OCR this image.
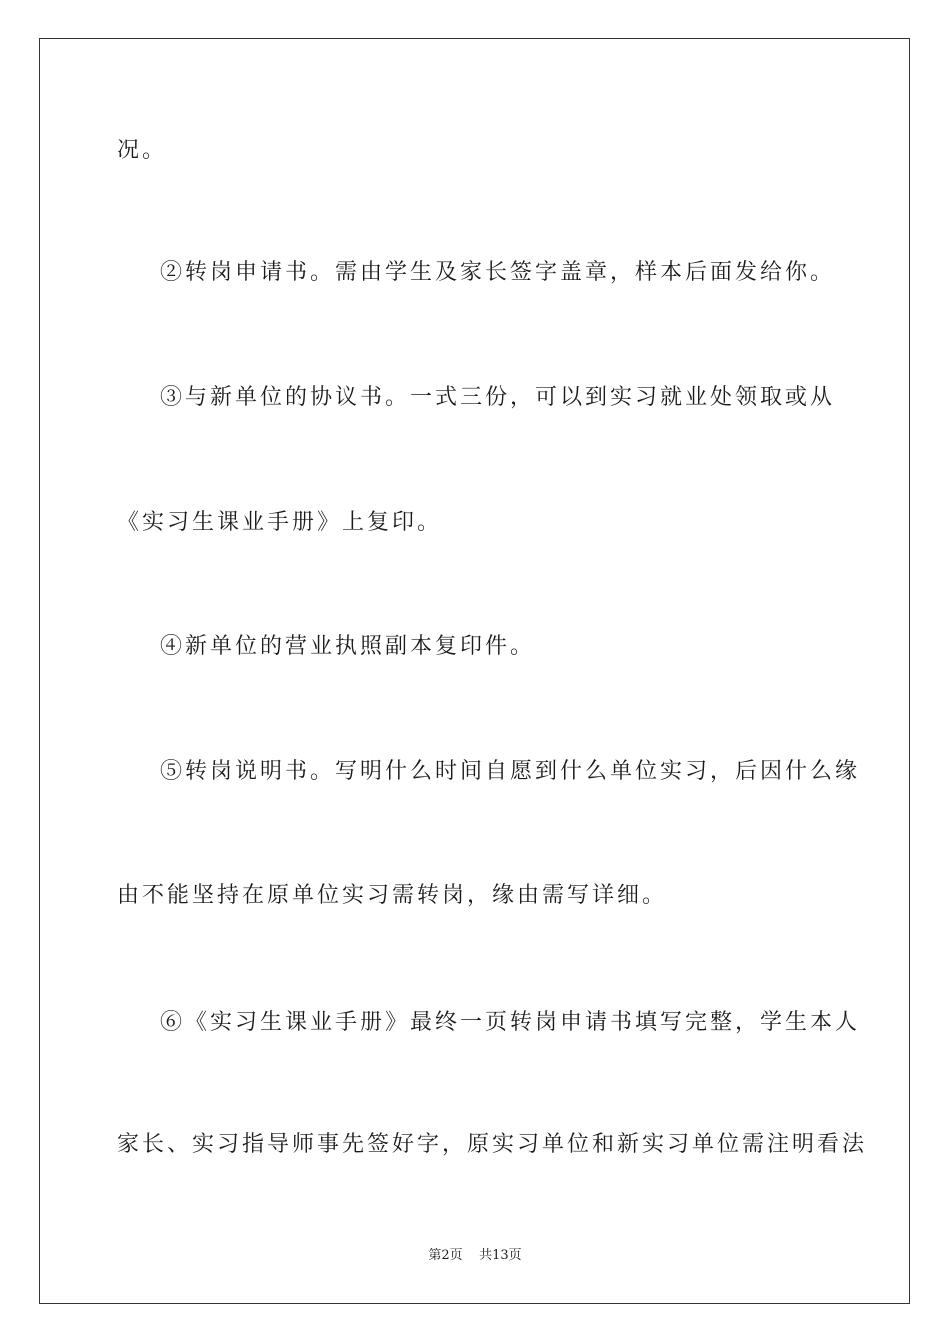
况。
②转岗申请书。需由学生及家长签字盖章，样本后面发给你。
③与新单位的协议书。一式三份，可以到实习就业处领取或从
《实习生课业手册》上复印。
④新单位的营业执照副本复印件。
⑤转岗说明书。写明什么时间自愿到什么单位实习，后因什么缘
由不能坚持在原单位实习需转岗，缘由需写详细。
⑥《实习生课业手册》最终一页转岗申请书填写完整，学生本人
家长、实习指导师事先签好字，原实习单位和新实习单位需注明看法
第2页 共13页
